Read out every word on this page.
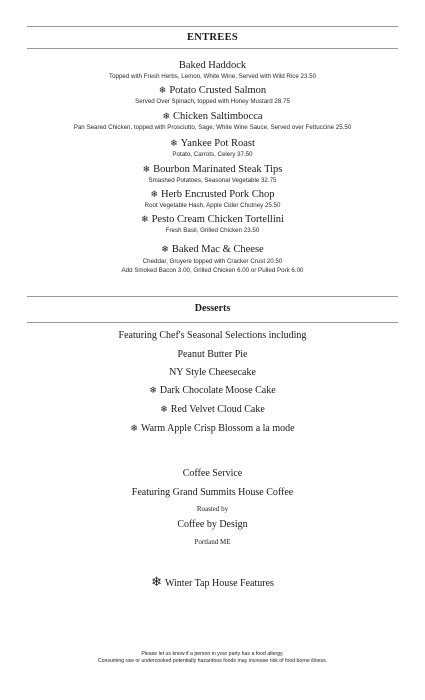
ENTREES
Baked Haddock
Topped with Fresh Herbs, Lemon, White Wine, Served with Wild Rice 23.50
❄ Potato Crusted Salmon
Served Over Spinach, topped with Honey Mustard 28.75
❄ Chicken Saltimbocca
Pan Seared Chicken, topped with Prosciutto, Sage, White Wine Sauce, Served over Fettuccine 25.50
❄ Yankee Pot Roast
Potato, Carrots, Celery 37.50
❄ Bourbon Marinated Steak Tips
Smashed Potatoes, Seasonal Vegetable 32.75
❄ Herb Encrusted Pork Chop
Root Vegetable Hash, Apple Cider Chutney 25.50
❄ Pesto Cream Chicken Tortellini
Fresh Basil, Grilled Chicken 23.50
❄ Baked Mac & Cheese
Cheddar, Gruyere topped with Cracker Crust 20.50
Add Smoked Bacon 3.00, Grilled Chicken 6.00 or Pulled Pork 6.00
Desserts
Featuring Chef's Seasonal Selections including
Peanut Butter Pie
NY Style Cheesecake
❄ Dark Chocolate Moose Cake
❄ Red Velvet Cloud Cake
❄ Warm Apple Crisp Blossom a la mode
Coffee Service
Featuring Grand Summits House Coffee
Roasted by
Coffee by Design
Portland ME
❄ Winter Tap House Features
Please let us know if a person in your party has a food allergy.
Consuming raw or undercooked potentially hazardous foods may increase risk of food borne illness.
